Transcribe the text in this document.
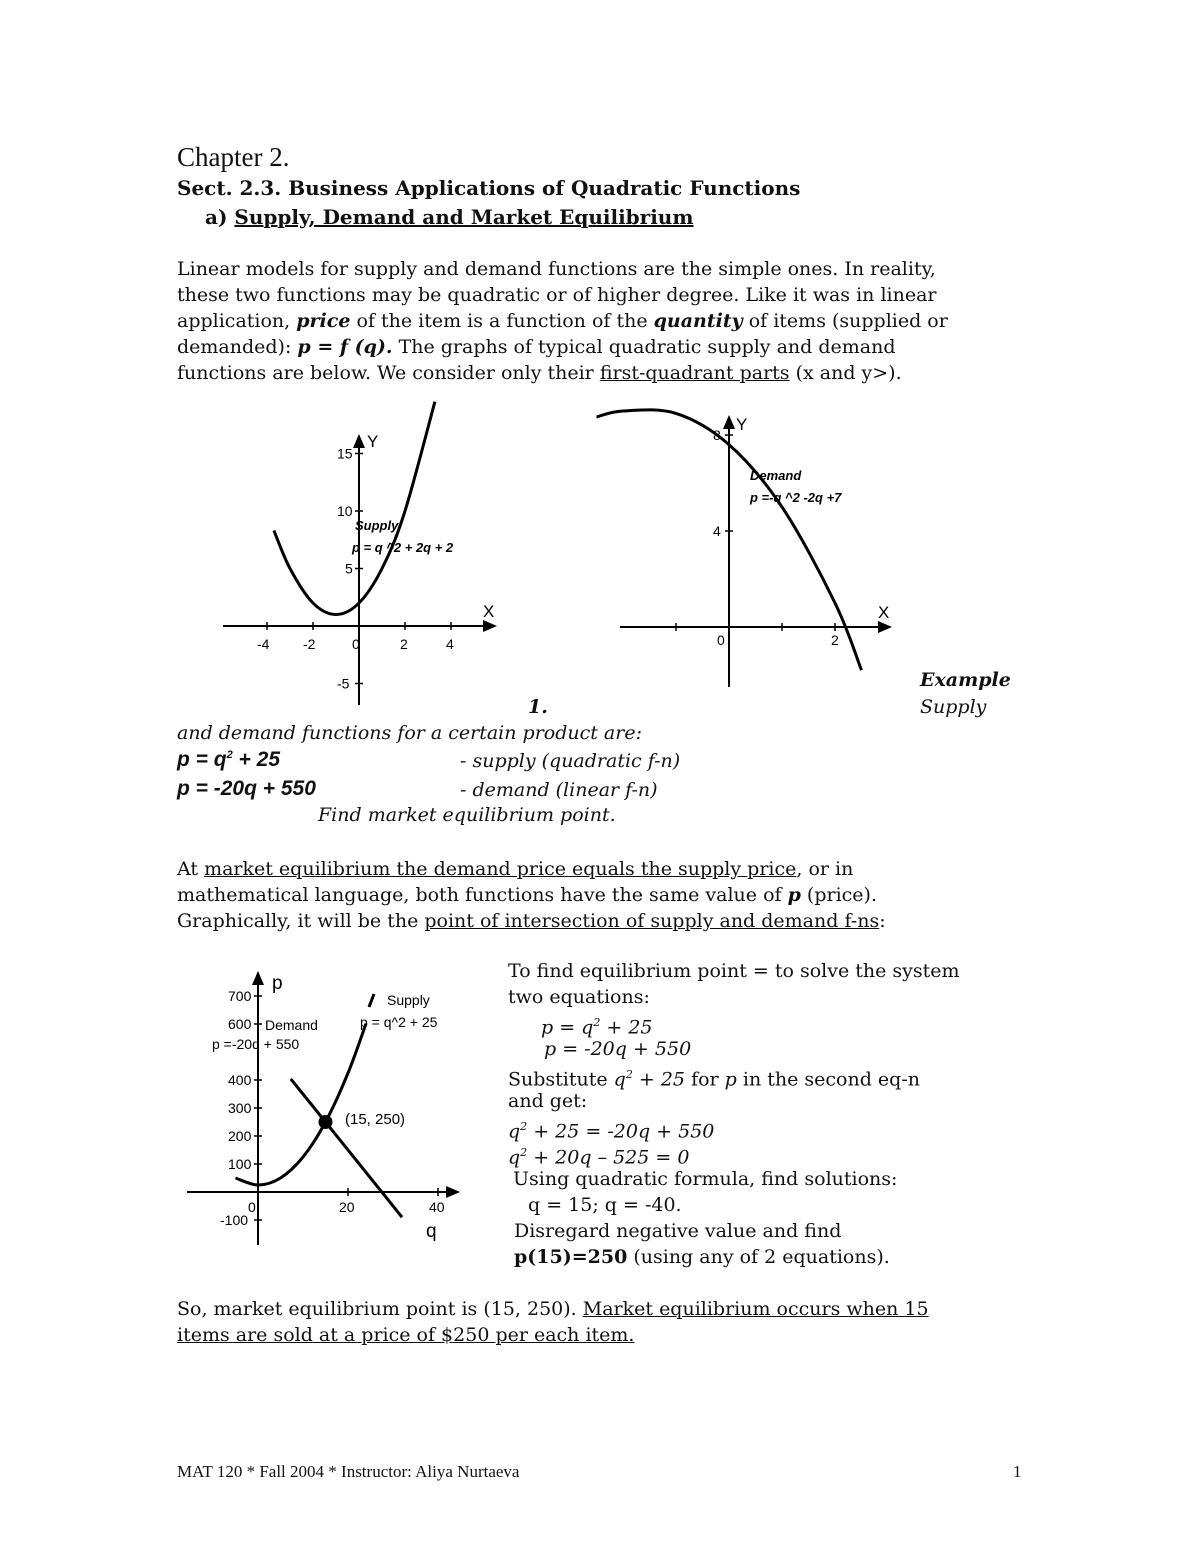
Chapter 2.
Sect. 2.3. Business Applications of Quadratic Functions
a) Supply, Demand and Market Equilibrium
Linear models for supply and demand functions are the simple ones. In reality,
these two functions may be quadratic or of higher degree. Like it was in linear
application, price of the item is a function of the quantity of items (supplied or
demanded): p = f (q). The graphs of typical quadratic supply and demand
functions are below. We consider only their first-quadrant parts (x and y>).
-4 -2	0	2	4
15
10
5
-5
X
Y
Supply
p = q ^2 + 2q + 2
0	2
8
4
X
Y
Demand
p =-q ^2 -2q +7
Example
1.	Supply
and demand functions for a certain product are:
$p = q^2 + 25$	- supply (quadratic f-n)
p = -20q + 550	- demand (linear f-n)
Find market equilibrium point.
At market equilibrium the demand price equals the supply price, or in
mathematical language, both functions have the same value of p (price).
Graphically, it will be the point of intersection of supply and demand f-ns:
0	20	40
700
600
400
300
200
100
-100
q
p
Supply
p = q^2 + 25
Demand
p =-20q + 550
(15, 250)
To find equilibrium point = to solve the system
two equations:
$p = q^2 + 25$
p = -20q + 550
Substitute $q^2 + 25$ for p in the second eq-n
and get:
$q^2 + 25 = -20q + 550$
$q^2 + 20q - 525 = 0$
Using quadratic formula, find solutions:
q = 15; q = -40.
Disregard negative value and find
p(15)=250 (using any of 2 equations).
So, market equilibrium point is (15, 250). Market equilibrium occurs when 15
items are sold at a price of $250 per each item.
MAT 120 * Fall 2004 * Instructor: Aliya Nurtaeva	1
